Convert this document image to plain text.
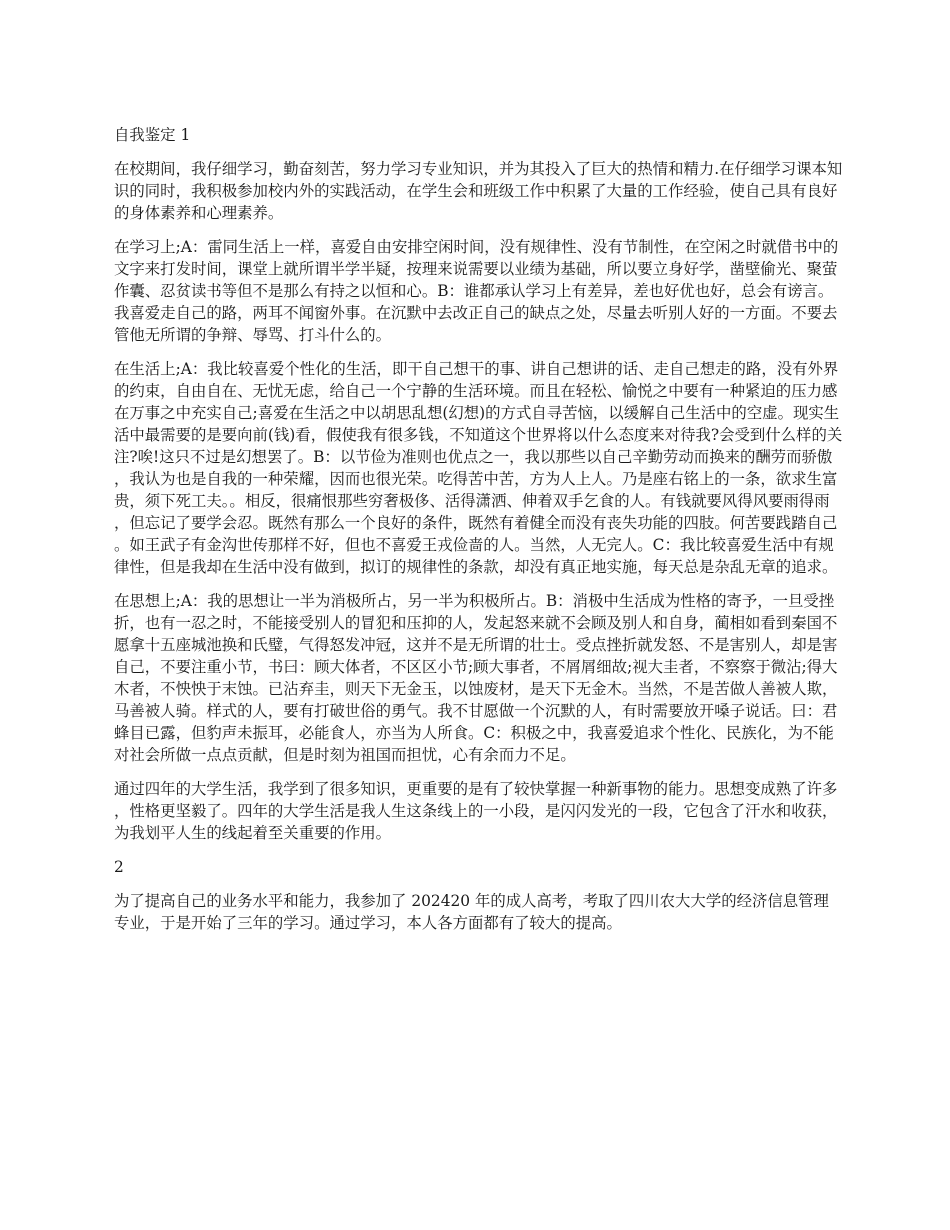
自我鉴定 1

在校期间，我仔细学习，勤奋刻苦，努力学习专业知识，并为其投入了巨大的热情和精力.在仔细学习课本知识的同时，我积极参加校内外的实践活动，在学生会和班级工作中积累了大量的工作经验，使自己具有良好的身体素养和心理素养。

在学习上;A：雷同生活上一样，喜爱自由安排空闲时间，没有规律性、没有节制性，在空闲之时就借书中的文字来打发时间，课堂上就所谓半学半疑，按理来说需要以业绩为基础，所以要立身好学，凿壁偷光、聚萤作囊、忍贫读书等但不是那么有持之以恒和心。B：谁都承认学习上有差异，差也好优也好，总会有谤言。我喜爱走自己的路，两耳不闻窗外事。在沉默中去改正自己的缺点之处，尽量去听别人好的一方面。不要去管他无所谓的争辩、辱骂、打斗什么的。

在生活上;A：我比较喜爱个性化的生活，即干自己想干的事、讲自己想讲的话、走自己想走的路，没有外界的约束，自由自在、无忧无虑，给自己一个宁静的生活环境。而且在轻松、愉悦之中要有一种紧迫的压力感在万事之中充实自己;喜爱在生活之中以胡思乱想(幻想)的方式自寻苦恼，以缓解自己生活中的空虚。现实生活中最需要的是要向前(钱)看，假使我有很多钱，不知道这个世界将以什么态度来对待我?会受到什么样的关注?唉!这只不过是幻想罢了。B：以节俭为准则也优点之一，我以那些以自己辛勤劳动而换来的酬劳而骄傲，我认为也是自我的一种荣耀，因而也很光荣。吃得苦中苦，方为人上人。乃是座右铭上的一条，欲求生富贵，须下死工夫。。相反，很痛恨那些穷奢极侈、活得潇洒、伸着双手乞食的人。有钱就要风得风要雨得雨，但忘记了要学会忍。既然有那么一个良好的条件，既然有着健全而没有丧失功能的四肢。何苦要践踏自己。如王武子有金沟世传那样不好，但也不喜爱王戎俭啬的人。当然，人无完人。C：我比较喜爱生活中有规律性，但是我却在生活中没有做到，拟订的规律性的条款，却没有真正地实施，每天总是杂乱无章的追求。

在思想上;A：我的思想让一半为消极所占，另一半为积极所占。B：消极中生活成为性格的寄予，一旦受挫折，也有一忍之时，不能接受别人的冒犯和压抑的人，发起怒来就不会顾及别人和自身，蔺相如看到秦国不愿拿十五座城池换和氏璧，气得怒发冲冠，这并不是无所谓的壮士。受点挫折就发怒、不是害别人，却是害自己，不要注重小节，书曰：顾大体者，不区区小节;顾大事者，不屑屑细故;视大圭者，不察察于微沾;得大木者，不怏怏于末蚀。已沾弃圭，则天下无金玉，以蚀废材，是天下无金木。当然，不是苦做人善被人欺，马善被人骑。样式的人，要有打破世俗的勇气。我不甘愿做一个沉默的人，有时需要放开嗓子说话。曰：君蜂目已露，但豹声未振耳，必能食人，亦当为人所食。C：积极之中，我喜爱追求个性化、民族化，为不能对社会所做一点点贡献，但是时刻为祖国而担忧，心有余而力不足。

通过四年的大学生活，我学到了很多知识，更重要的是有了较快掌握一种新事物的能力。思想变成熟了许多，性格更坚毅了。四年的大学生活是我人生这条线上的一小段，是闪闪发光的一段，它包含了汗水和收获，为我划平人生的线起着至关重要的作用。

2

为了提高自己的业务水平和能力，我参加了 202420 年的成人高考，考取了四川农大大学的经济信息管理专业，于是开始了三年的学习。通过学习，本人各方面都有了较大的提高。
